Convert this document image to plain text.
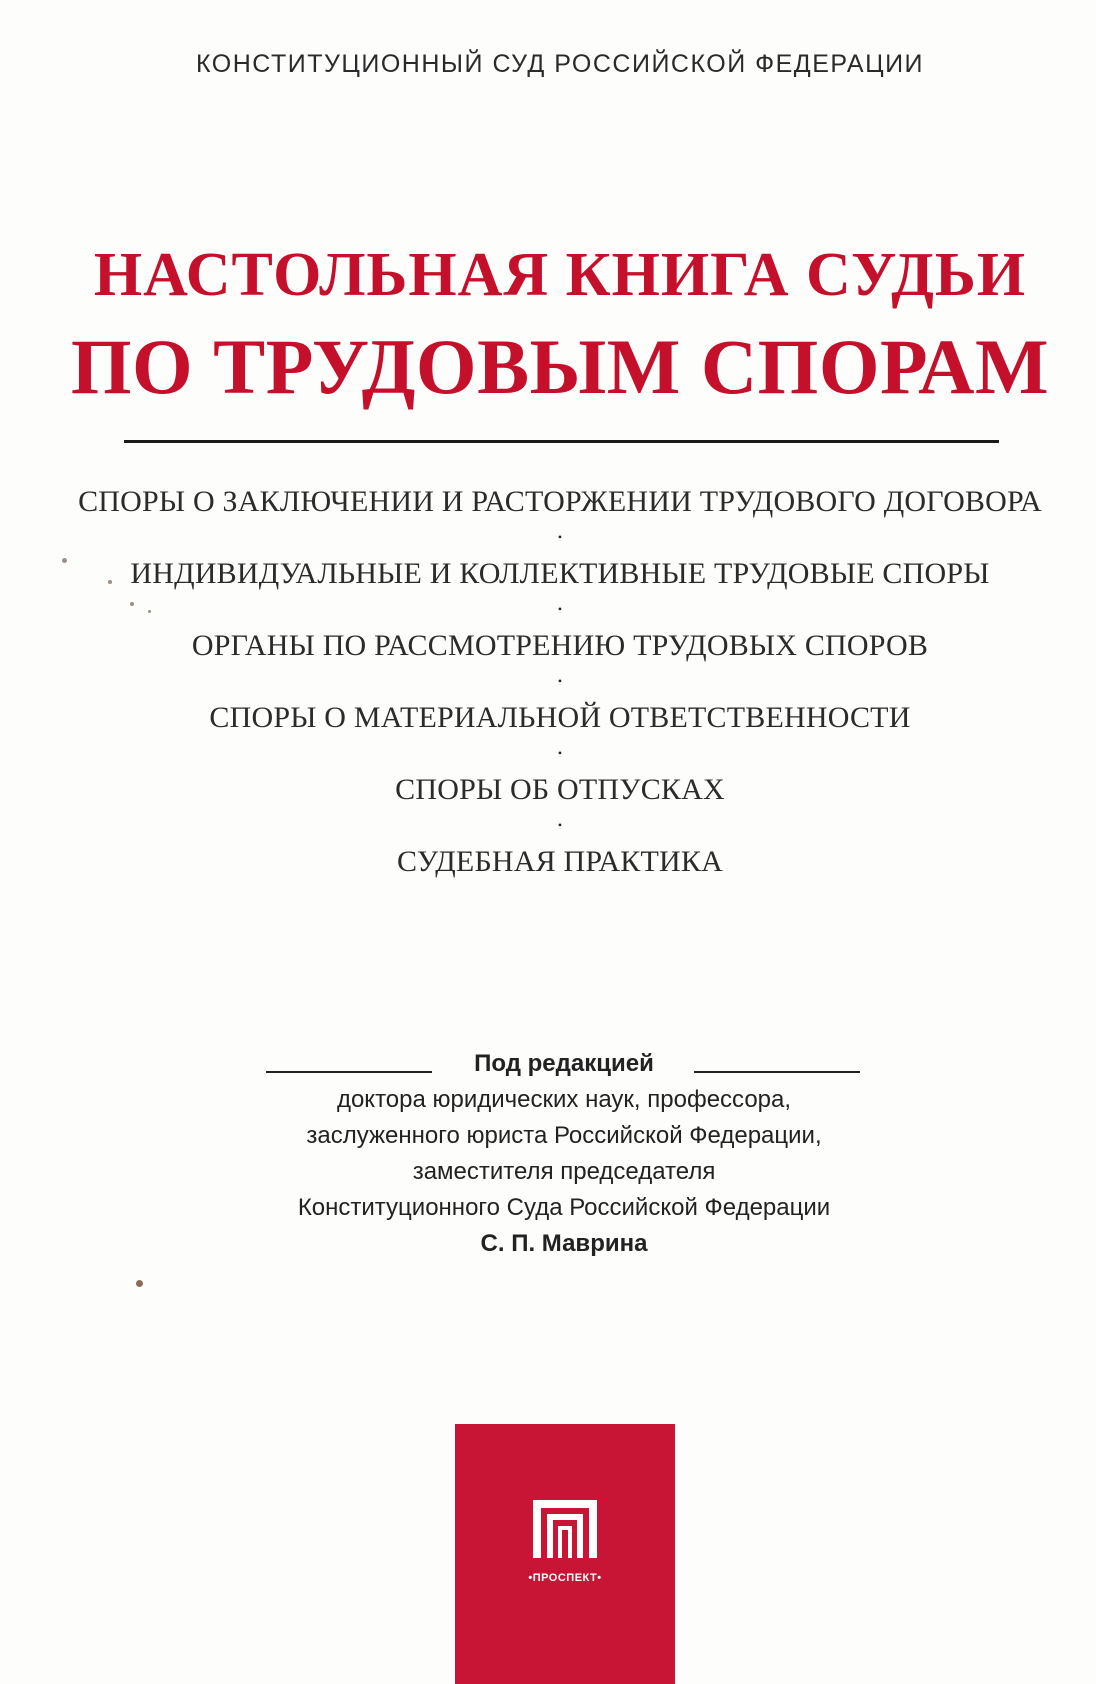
КОНСТИТУЦИОННЫЙ СУД РОССИЙСКОЙ ФЕДЕРАЦИИ
НАСТОЛЬНАЯ КНИГА СУДЬИ
ПО ТРУДОВЫМ СПОРАМ
СПОРЫ О ЗАКЛЮЧЕНИИ И РАСТОРЖЕНИИ ТРУДОВОГО ДОГОВОРА
•
ИНДИВИДУАЛЬНЫЕ И КОЛЛЕКТИВНЫЕ ТРУДОВЫЕ СПОРЫ
•
ОРГАНЫ ПО РАССМОТРЕНИЮ ТРУДОВЫХ СПОРОВ
•
СПОРЫ О МАТЕРИАЛЬНОЙ ОТВЕТСТВЕННОСТИ
•
СПОРЫ ОБ ОТПУСКАХ
•
СУДЕБНАЯ ПРАКТИКА
Под редакцией
доктора юридических наук, профессора,
заслуженного юриста Российской Федерации,
заместителя председателя
Конституционного Суда Российской Федерации
С. П. Маврина
•ПРОСПЕКТ•
